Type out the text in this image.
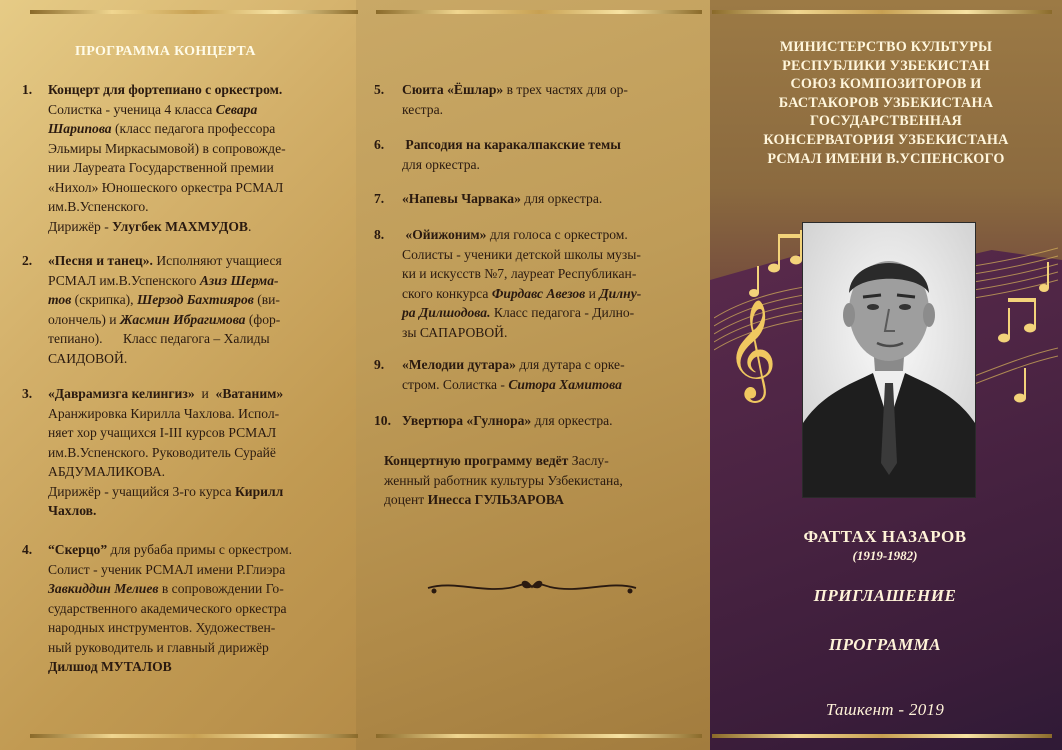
ПРОГРАММА КОНЦЕРТА
Концерт для фортепиано с оркестром.
Солистка - ученица 4 класса Севара
Шарипова (класс педагога профессора
Эльмиры Миркасымовой) в сопровожде-
нии Лауреата Государственной премии
«Нихол» Юношеского оркестра РСМАЛ
им.В.Успенского.
Дирижёр - Улугбек МАХМУДОВ.
«Песня и танец». Исполняют учащиеся
РСМАЛ им.В.Успенского Азиз Шерма-
тов (скрипка), Шерзод Бахтияров (ви-
олончель) и Жасмин Ибрагимова (фор-
тепиано).      Класс педагога – Халиды
САИДОВОЙ.
«Даврамизга келингиз»  и  «Ватаним»
Аранжировка Кирилла Чахлова. Испол-
няет хор учащихся I-III курсов РСМАЛ
им.В.Успенского. Руководитель Сурайё
АБДУМАЛИКОВА.
Дирижёр - учащийся 3-го курса Кирилл
Чахлов.
“Скерцо” для рубаба примы с оркестром.
Солист - ученик РСМАЛ имени Р.Глиэра
Завкиддин Мелиев в сопровождении Го-
сударственного академического оркестра
народных инструментов. Художествен-
ный руководитель и главный дирижёр
Дилшод МУТАЛОВ
1.
2.
3.
4.
5.
6.
7.
8.
9.
10.
Сюита «Ёшлар» в трех частях для ор-
кестра.
Рапсодия на каракалпакские темы
для оркестра.
«Напевы Чарвака» для оркестра.
«Ойижоним» для голоса с оркестром.
Солисты - ученики детской школы музы-
ки и искусств №7, лауреат Республикан-
ского конкурса Фирдавс Авезов и Дилну-
ра Дилшодова. Класс педагога - Дилно-
зы САПАРОВОЙ.
«Мелодии дутара» для дутара с орке-
стром. Солистка - Ситора Хамитова
Увертюра «Гулнора» для оркестра.
Концертную программу ведёт Заслу-
женный работник культуры Узбекистана,
доцент Инесса ГУЛЬЗАРОВА
МИНИСТЕРСТВО КУЛЬТУРЫ
РЕСПУБЛИКИ УЗБЕКИСТАН
СОЮЗ КОМПОЗИТОРОВ И
БАСТАКОРОВ УЗБЕКИСТАНА
ГОСУДАРСТВЕННАЯ
КОНСЕРВАТОРИЯ УЗБЕКИСТАНА
РСМАЛ ИМЕНИ В.УСПЕНСКОГО
𝄞
ФАТТАХ НАЗАРОВ
(1919-1982)
ПРИГЛАШЕНИЕ
ПРОГРАММА
Ташкент - 2019
